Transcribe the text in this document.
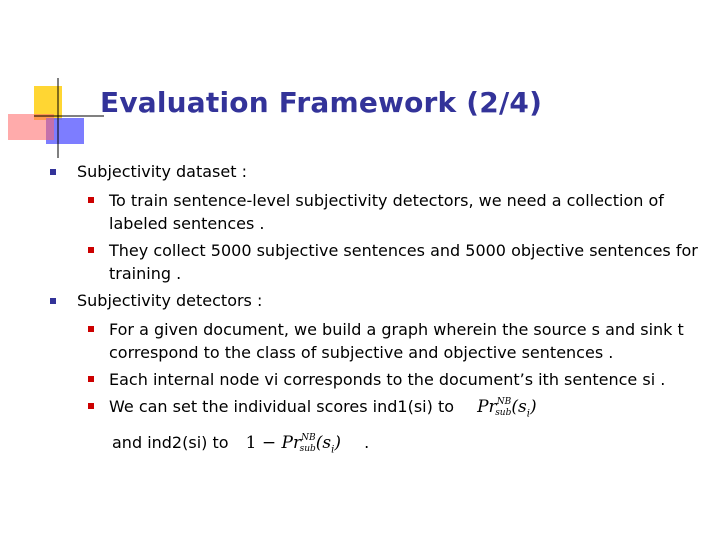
Evaluation Framework (2/4)
Subjectivity dataset :
To train sentence-level subjectivity detectors, we need a collection of labeled sentences .
They collect 5000 subjective sentences and 5000 objective sentences for training .
Subjectivity detectors :
For a given document, we build a graph wherein the source s and sink t correspond to the class of subjective and objective sentences .
Each internal node vi corresponds to the document’s ith sentence si .
We can set the individual scores ind1(si) to $Pr^{NB}sub(s_i)$
and ind2(si) to $1 - Pr^{NB}sub(s_i)$ .
